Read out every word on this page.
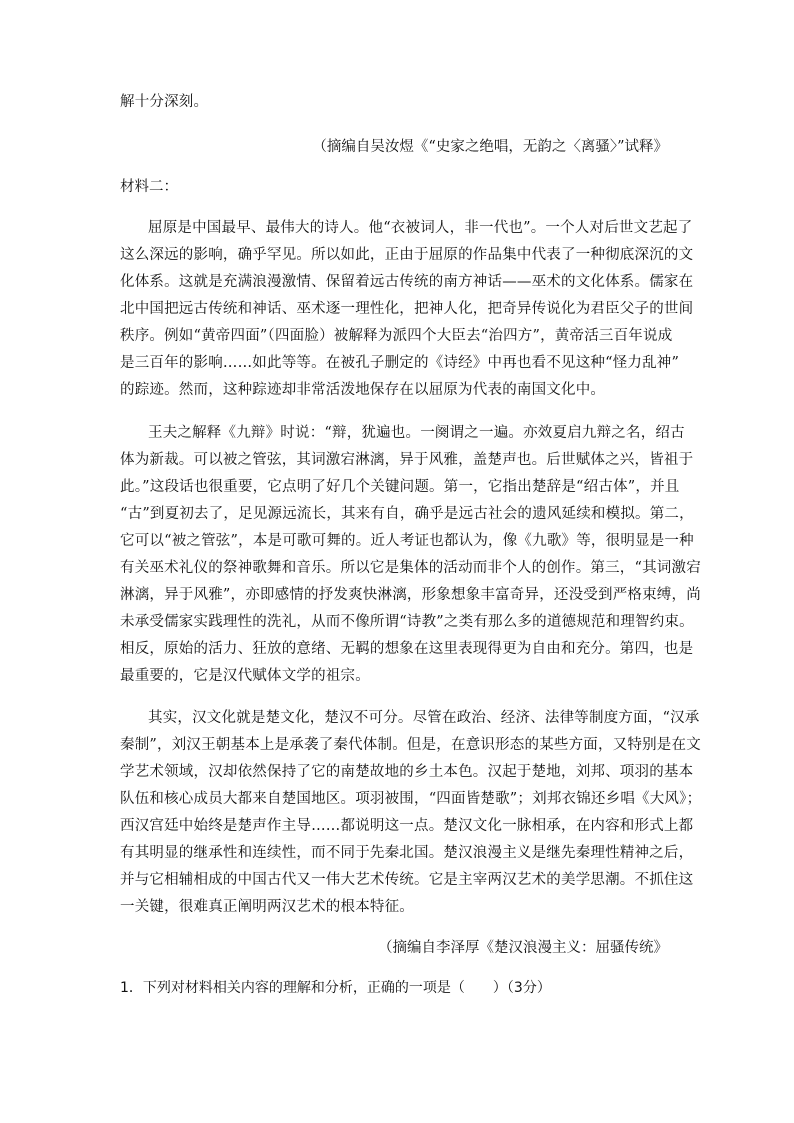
解十分深刻。
（摘编自吴汝煜《“史家之绝唱，无韵之〈离骚〉”试释》
材料二：
屈原是中国最早、最伟大的诗人。他“衣被词人，非一代也”。一个人对后世文艺起了
这么深远的影响，确乎罕见。所以如此，正由于屈原的作品集中代表了一种彻底深沉的文
化体系。这就是充满浪漫激情、保留着远古传统的南方神话——巫术的文化体系。儒家在
北中国把远古传统和神话、巫术逐一理性化，把神人化，把奇异传说化为君臣父子的世间
秩序。例如“黄帝四面”（四面脸）被解释为派四个大臣去“治四方”，黄帝活三百年说成
是三百年的影响……如此等等。在被孔子删定的《诗经》中再也看不见这种“怪力乱神”
的踪迹。然而，这种踪迹却非常活泼地保存在以屈原为代表的南国文化中。
王夫之解释《九辩》时说：“辩，犹遍也。一阕谓之一遍。亦效夏启九辩之名，绍古
体为新裁。可以被之管弦，其词激宕淋漓，异于风雅，盖楚声也。后世赋体之兴，皆祖于
此。”这段话也很重要，它点明了好几个关键问题。第一，它指出楚辞是“绍古体”，并且
“古”到夏初去了，足见源远流长，其来有自，确乎是远古社会的遗风延续和模拟。第二，
它可以“被之管弦”，本是可歌可舞的。近人考证也都认为，像《九歌》等，很明显是一种
有关巫术礼仪的祭神歌舞和音乐。所以它是集体的活动而非个人的创作。第三，“其词激宕
淋漓，异于风雅”，亦即感情的抒发爽快淋漓，形象想象丰富奇异，还没受到严格束缚，尚
未承受儒家实践理性的洗礼，从而不像所谓“诗教”之类有那么多的道德规范和理智约束。
相反，原始的活力、狂放的意绪、无羁的想象在这里表现得更为自由和充分。第四，也是
最重要的，它是汉代赋体文学的祖宗。
其实，汉文化就是楚文化，楚汉不可分。尽管在政治、经济、法律等制度方面，“汉承
秦制”，刘汉王朝基本上是承袭了秦代体制。但是，在意识形态的某些方面，又特别是在文
学艺术领域，汉却依然保持了它的南楚故地的乡土本色。汉起于楚地，刘邦、项羽的基本
队伍和核心成员大都来自楚国地区。项羽被围，“四面皆楚歌”；刘邦衣锦还乡唱《大风》；
西汉宫廷中始终是楚声作主导……都说明这一点。楚汉文化一脉相承，在内容和形式上都
有其明显的继承性和连续性，而不同于先秦北国。楚汉浪漫主义是继先秦理性精神之后，
并与它相辅相成的中国古代又一伟大艺术传统。它是主宰两汉艺术的美学思潮。不抓住这
一关键，很难真正阐明两汉艺术的根本特征。
（摘编自李泽厚《楚汉浪漫主义：屈骚传统》
1．下列对材料相关内容的理解和分析，正确的一项是（　　）（3分）
